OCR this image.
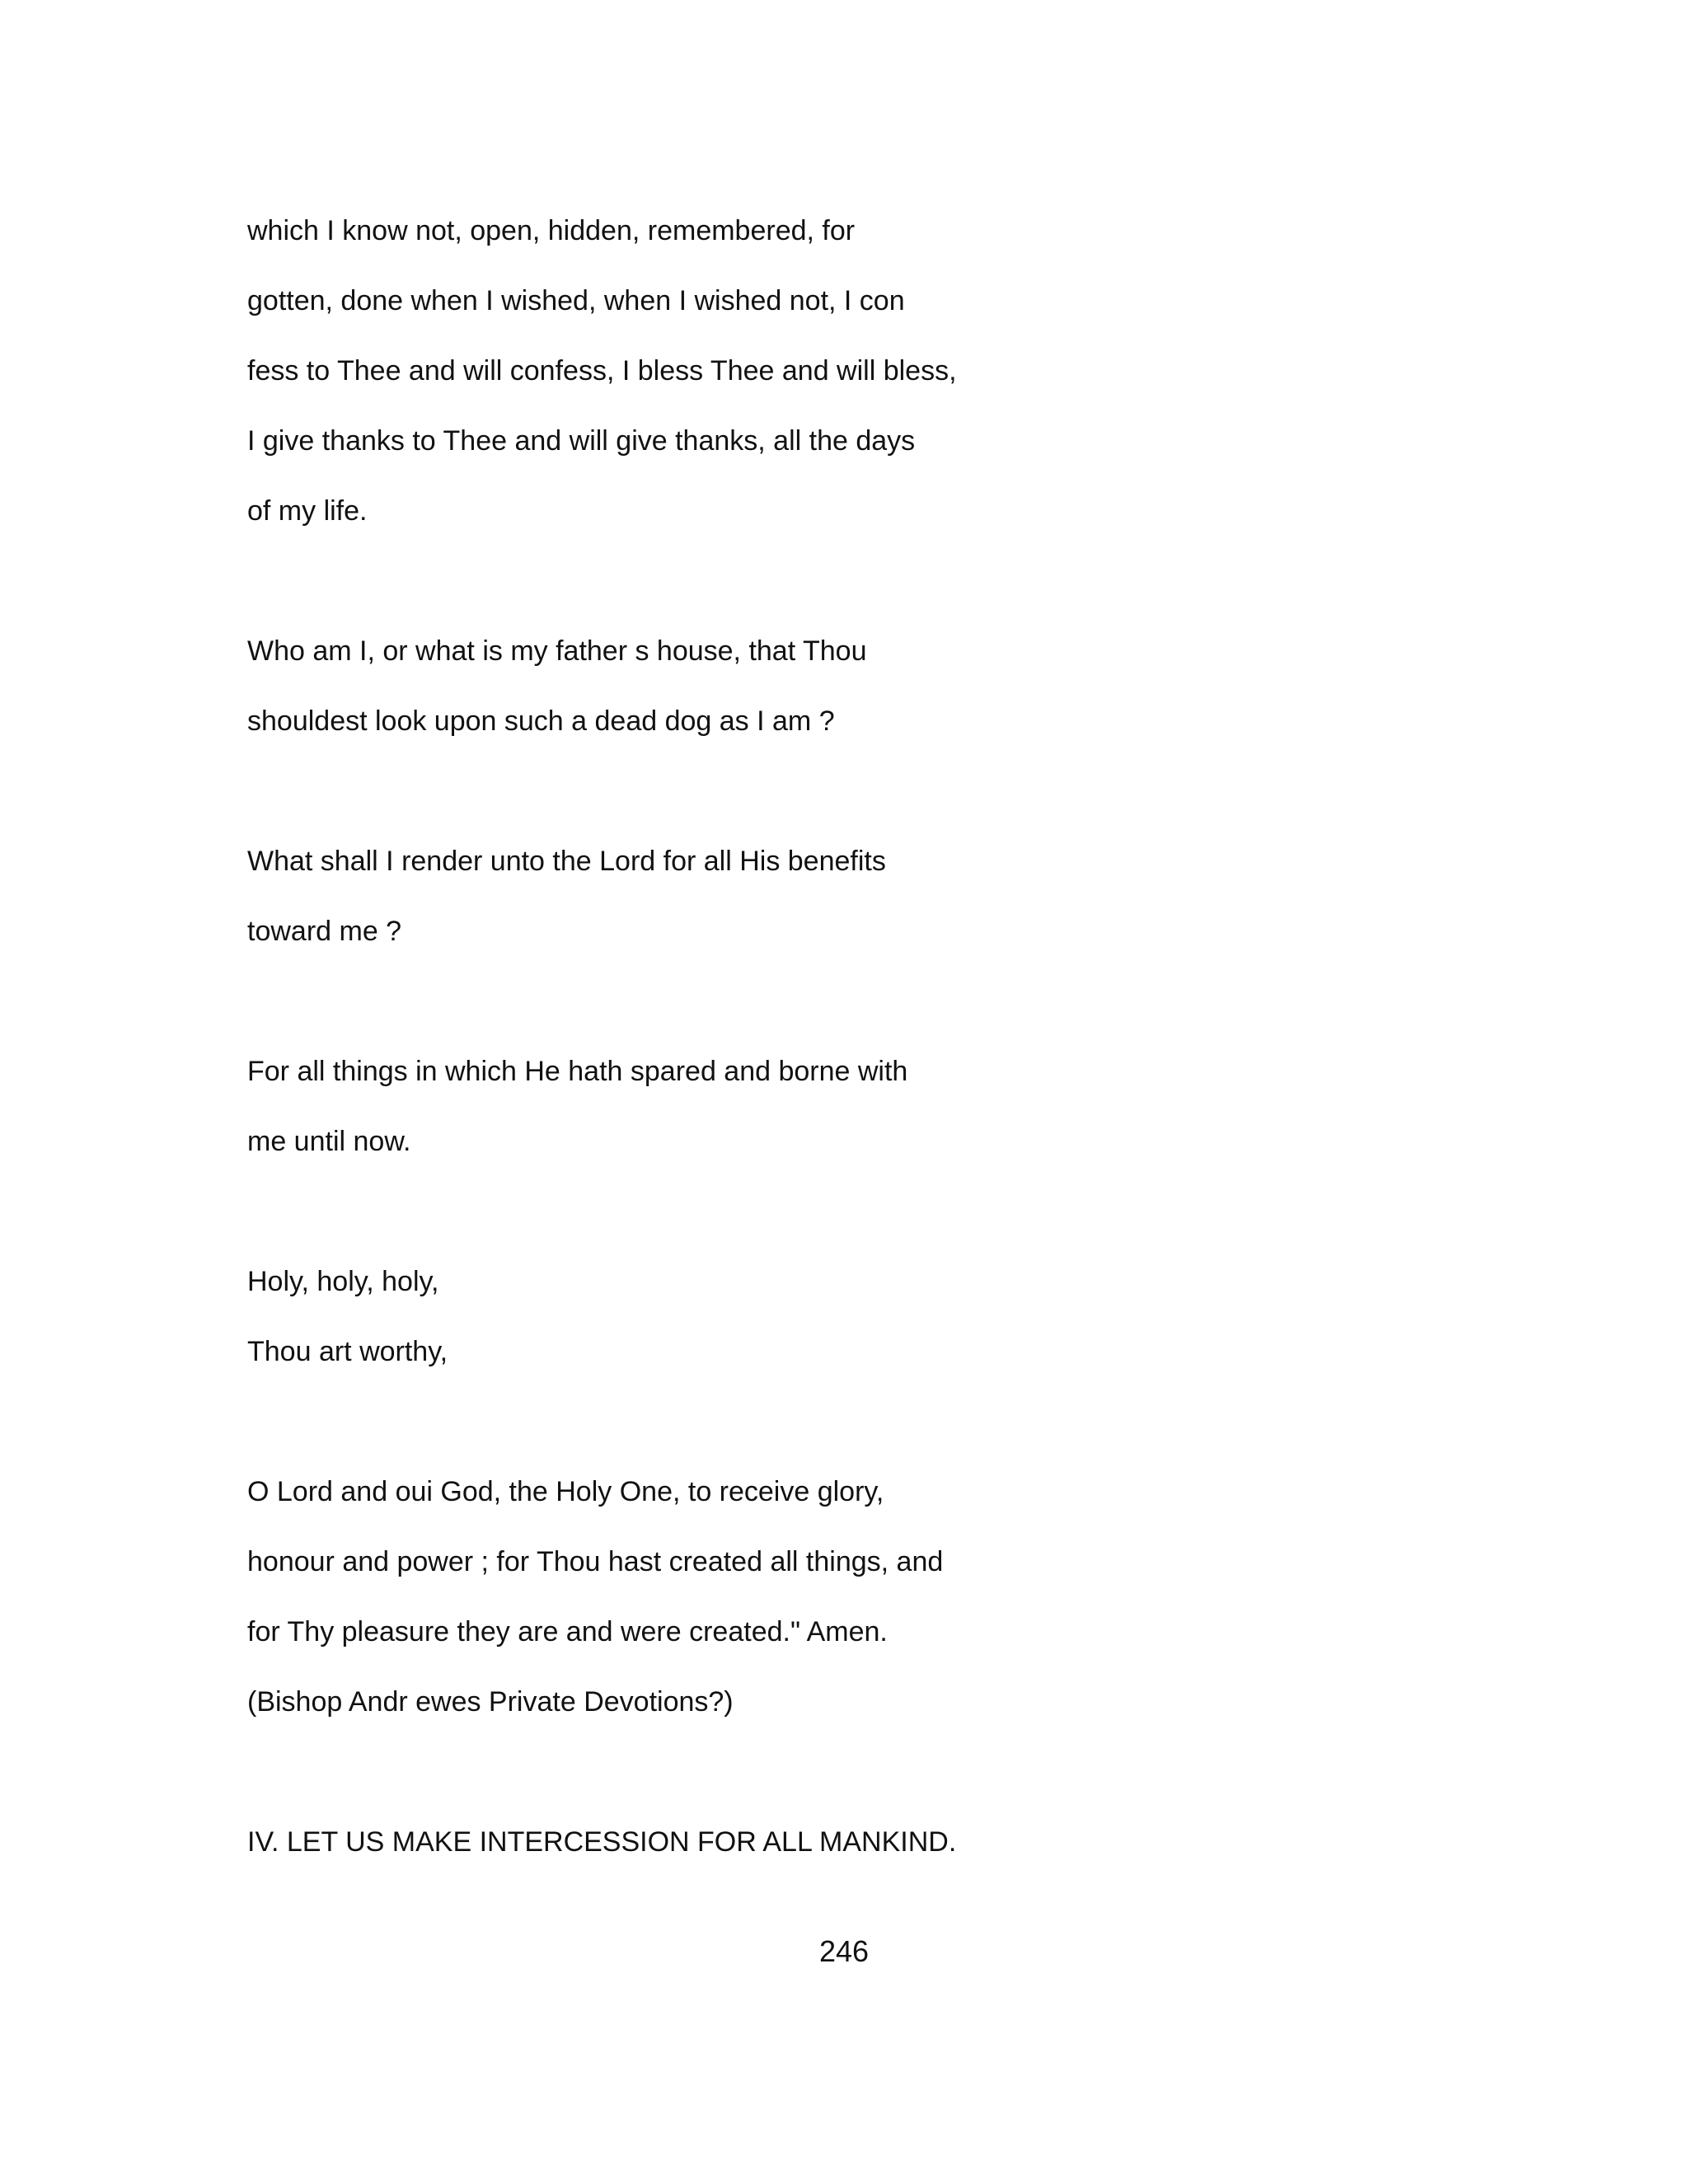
which I know not, open, hidden, remembered, for
gotten, done when I wished, when I wished not, I con
fess to Thee and will confess, I bless Thee and will bless,
I give thanks to Thee and will give thanks, all the days
of my life.
Who am I, or what is my father s house, that Thou
shouldest look upon such a dead dog as I am ?
What shall I render unto the Lord for all His benefits
toward me ?
For all things in which He hath spared and borne with
me until now.
Holy, holy, holy,
Thou art worthy,
O Lord and oui God, the Holy One, to receive glory,
honour and power ; for Thou hast created all things, and
for Thy pleasure they are and were created." Amen.
(Bishop Andr ewes Private Devotions?)
IV. LET US MAKE INTERCESSION FOR ALL MANKIND.
246
